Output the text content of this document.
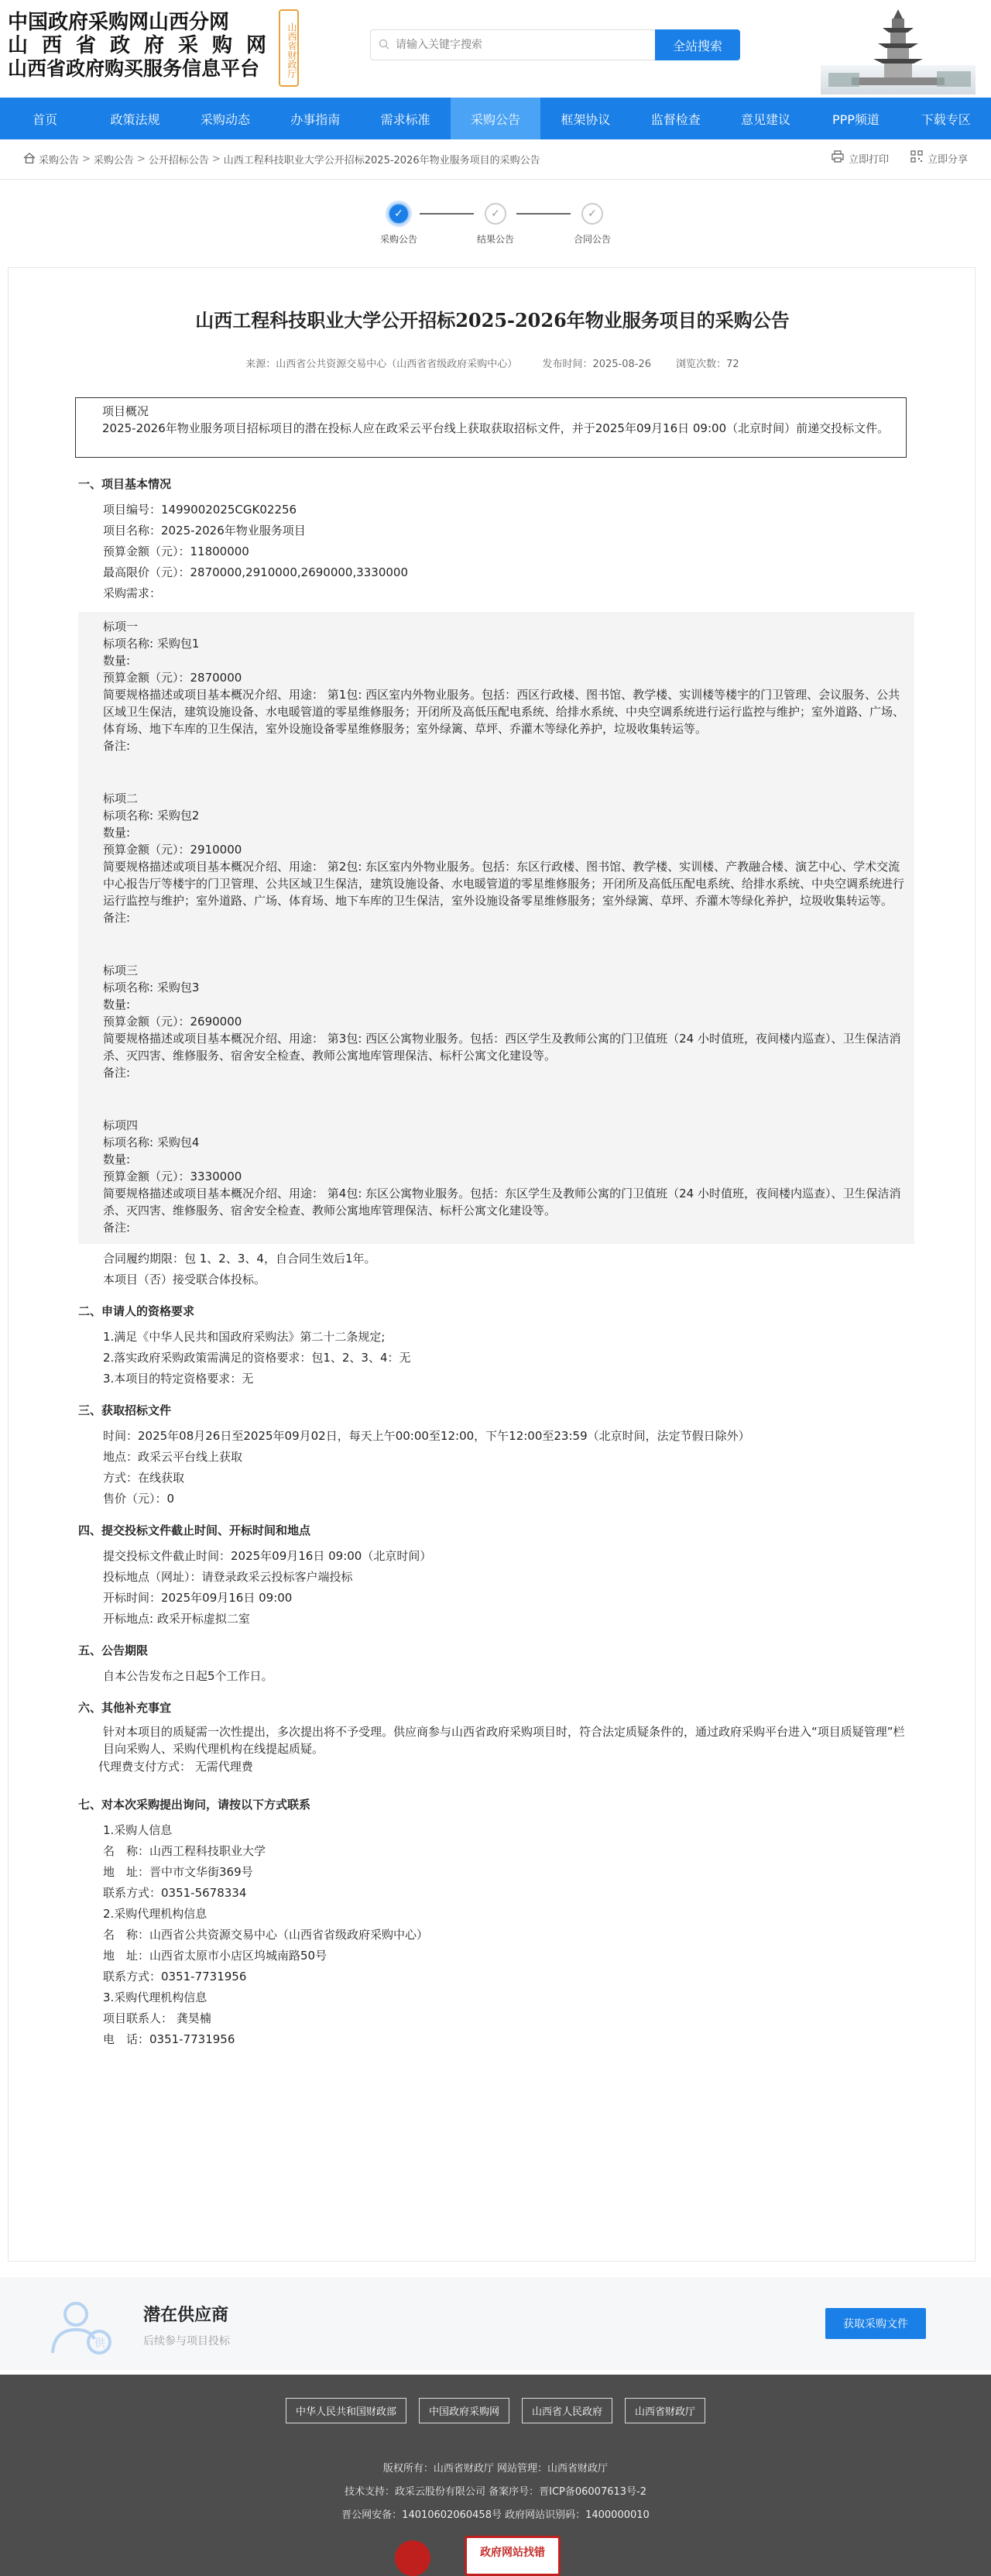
中国政府采购网山西分网
山西省政府采购网
山西省政府购买服务信息平台	山西省财政厅
请输入关键字搜索	全站搜索
首页	政策法规	采购动态	办事指南	需求标准	采购公告	框架协议	监督检查	意见建议	PPP频道	下载专区
采购公告 > 采购公告 > 公开招标公告 > 山西工程科技职业大学公开招标2025-2026年物业服务项目的采购公告	立即打印	立即分享
✓
采购公告
✓
结果公告
✓
合同公告
山西工程科技职业大学公开招标2025-2026年物业服务项目的采购公告
来源：山西省公共资源交易中心（山西省省级政府采购中心） 发布时间：2025-08-26 浏览次数：72
项目概况
2025-2026年物业服务项目招标项目的潜在投标人应在政采云平台线上获取获取招标文件，并于2025年09月16日 09:00（北京时间）前递交投标文件。
一、项目基本情况
项目编号：1499002025CGK02256
项目名称：2025-2026年物业服务项目
预算金额（元）：11800000
最高限价（元）：2870000,2910000,2690000,3330000
采购需求：
标项一
标项名称: 采购包1
数量:
预算金额（元）：2870000
简要规格描述或项目基本概况介绍、用途： 第1包: 西区室内外物业服务。包括：西区行政楼、图书馆、教学楼、实训楼等楼宇的门卫管理、会议服务、公共区域卫生保洁，建筑设施设备、水电暖管道的零星维修服务；开闭所及高低压配电系统、给排水系统、中央空调系统进行运行监控与维护；室外道路、广场、体育场、地下车库的卫生保洁，室外设施设备零星维修服务；室外绿篱、草坪、乔灌木等绿化养护，垃圾收集转运等。
备注:
标项二
标项名称: 采购包2
数量:
预算金额（元）：2910000
简要规格描述或项目基本概况介绍、用途： 第2包: 东区室内外物业服务。包括：东区行政楼、图书馆、教学楼、实训楼、产教融合楼、演艺中心、学术交流中心报告厅等楼宇的门卫管理、公共区域卫生保洁，建筑设施设备、水电暖管道的零星维修服务；开闭所及高低压配电系统、给排水系统、中央空调系统进行运行监控与维护；室外道路、广场、体育场、地下车库的卫生保洁，室外设施设备零星维修服务；室外绿篱、草坪、乔灌木等绿化养护，垃圾收集转运等。
备注:
标项三
标项名称: 采购包3
数量:
预算金额（元）：2690000
简要规格描述或项目基本概况介绍、用途： 第3包: 西区公寓物业服务。包括：西区学生及教师公寓的门卫值班（24 小时值班，夜间楼内巡查）、卫生保洁消杀、灭四害、维修服务、宿舍安全检查、教师公寓地库管理保洁、标杆公寓文化建设等。
备注:
标项四
标项名称: 采购包4
数量:
预算金额（元）：3330000
简要规格描述或项目基本概况介绍、用途： 第4包: 东区公寓物业服务。包括：东区学生及教师公寓的门卫值班（24 小时值班，夜间楼内巡查）、卫生保洁消杀、灭四害、维修服务、宿舍安全检查、教师公寓地库管理保洁、标杆公寓文化建设等。
备注:
合同履约期限：包 1、2、3、4，自合同生效后1年。
本项目（否）接受联合体投标。
二、申请人的资格要求
1.满足《中华人民共和国政府采购法》第二十二条规定;
2.落实政府采购政策需满足的资格要求：包1、2、3、4：无
3.本项目的特定资格要求：无
三、获取招标文件
时间：2025年08月26日至2025年09月02日，每天上午00:00至12:00，下午12:00至23:59（北京时间，法定节假日除外）
地点：政采云平台线上获取
方式：在线获取
售价（元）：0
四、提交投标文件截止时间、开标时间和地点
提交投标文件截止时间：2025年09月16日 09:00（北京时间）
投标地点（网址）：请登录政采云投标客户端投标
开标时间：2025年09月16日 09:00
开标地点: 政采开标虚拟二室
五、公告期限
自本公告发布之日起5个工作日。
六、其他补充事宜
针对本项目的质疑需一次性提出，多次提出将不予受理。供应商参与山西省政府采购项目时，符合法定质疑条件的，通过政府采购平台进入“项目质疑管理”栏目向采购人、采购代理机构在线提起质疑。
代理费支付方式： 无需代理费
七、对本次采购提出询问，请按以下方式联系
1.采购人信息
名　称：山西工程科技职业大学
地　址：晋中市文华街369号
联系方式：0351-5678334
2.采购代理机构信息
名　称：山西省公共资源交易中心（山西省省级政府采购中心）
地　址：山西省太原市小店区坞城南路50号
联系方式：0351-7731956
3.采购代理机构信息
项目联系人： 龚昊楠
电　话：0351-7731956
供
潜在供应商
后续参与项目投标
获取采购文件
中华人民共和国财政部	中国政府采购网	山西省人民政府	山西省财政厅
版权所有：山西省财政厅 网站管理：山西省财政厅
技术支持：政采云股份有限公司 备案序号：晋ICP备06007613号-2
晋公网安备：14010602060458号 政府网站识别码：1400000010
政府网站找错
